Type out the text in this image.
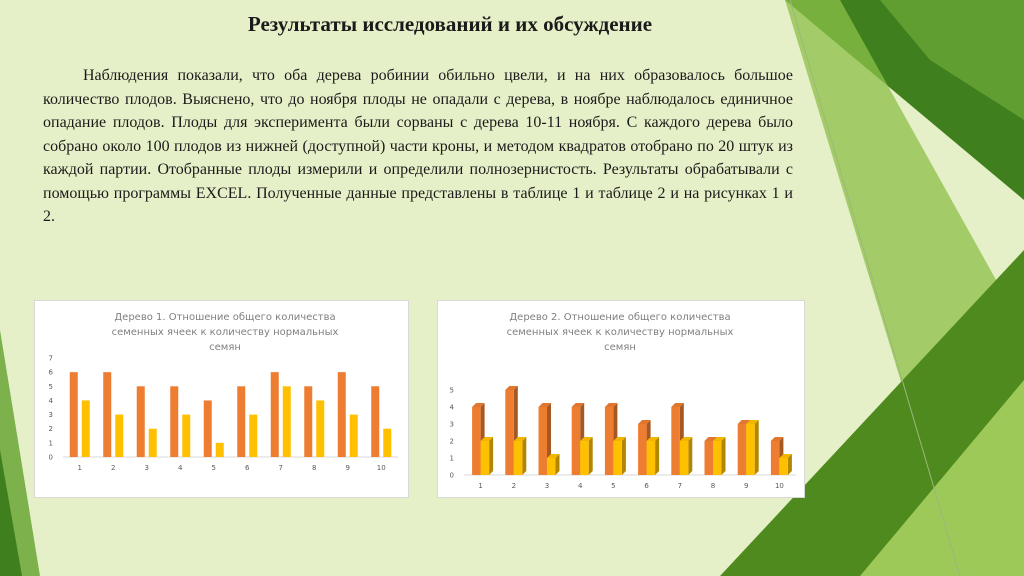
Результаты исследований и их обсуждение

Наблюдения показали, что оба дерева робинии обильно цвели, и на них образовалось большое количество плодов. Выяснено, что до ноября плоды не опадали с дерева, в ноябре наблюдалось единичное опадание плодов. Плоды для эксперимента были сорваны с дерева 10-11 ноября. С каждого дерева было собрано около 100 плодов из нижней (доступной) части кроны, и методом квадратов отобрано по 20 штук из каждой партии. Отобранные плоды измерили и определили полнозернистость. Результаты обрабатывали с помощью программы EXCEL. Полученные данные представлены в таблице 1 и таблице 2 и на рисунках 1 и 2.

Дерево 1. Отношение общего количества
семенных ячеек к количеству нормальных
семян
0
1
2
3
4
5
6
7
1	2	3	4	5	6	7	8	9	10
Дерево 2. Отношение общего количества
семенных ячеек к количеству нормальных
семян
0
1
2
3
4
5
1	2	3	4	5	6	7	8	9	10
